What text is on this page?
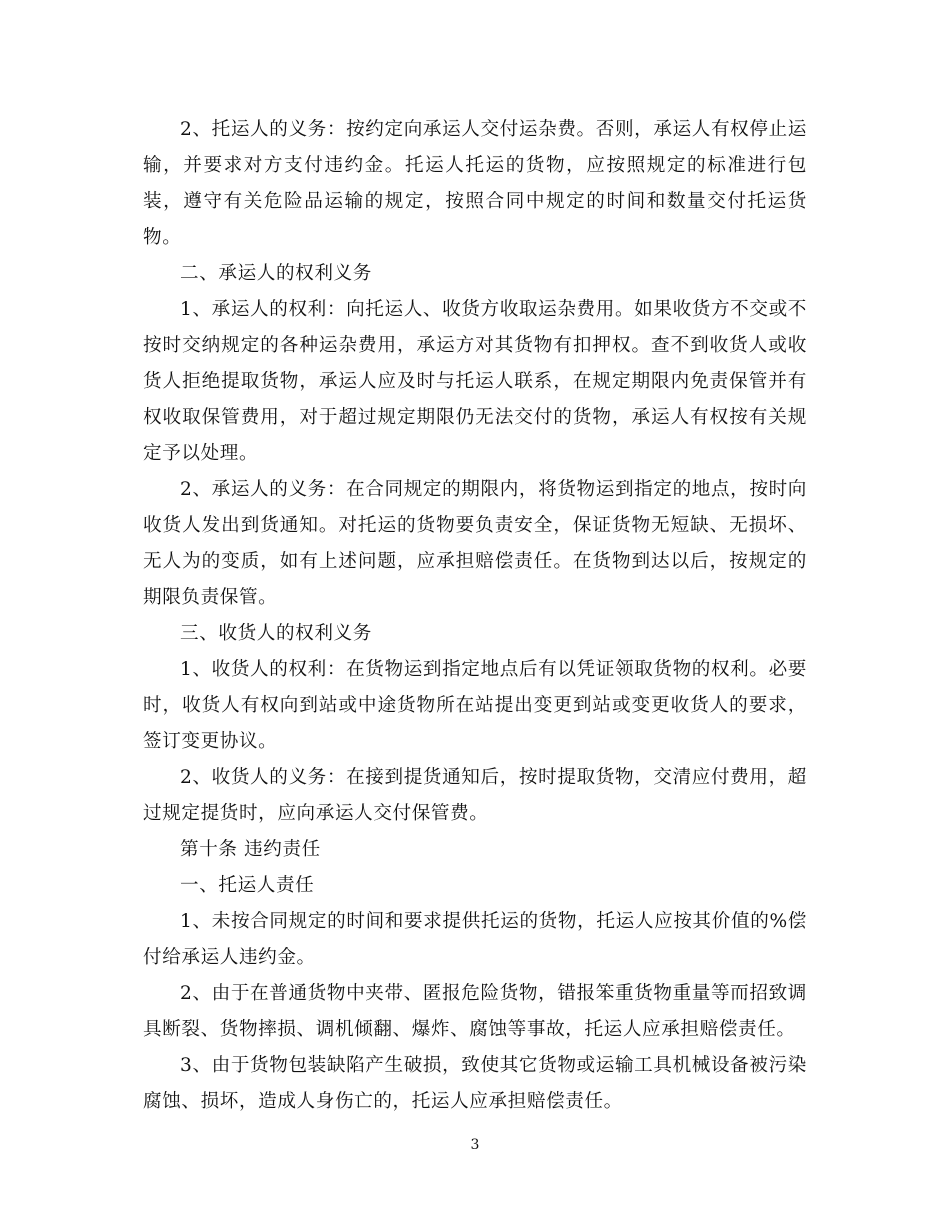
2、托运人的义务：按约定向承运人交付运杂费。否则，承运人有权停止运输，并要求对方支付违约金。托运人托运的货物，应按照规定的标准进行包装，遵守有关危险品运输的规定，按照合同中规定的时间和数量交付托运货物。

二、承运人的权利义务

1、承运人的权利：向托运人、收货方收取运杂费用。如果收货方不交或不按时交纳规定的各种运杂费用，承运方对其货物有扣押权。查不到收货人或收货人拒绝提取货物，承运人应及时与托运人联系，在规定期限内免责保管并有权收取保管费用，对于超过规定期限仍无法交付的货物，承运人有权按有关规定予以处理。

2、承运人的义务：在合同规定的期限内，将货物运到指定的地点，按时向收货人发出到货通知。对托运的货物要负责安全，保证货物无短缺、无损坏、无人为的变质，如有上述问题，应承担赔偿责任。在货物到达以后，按规定的期限负责保管。

三、收货人的权利义务

1、收货人的权利：在货物运到指定地点后有以凭证领取货物的权利。必要时，收货人有权向到站或中途货物所在站提出变更到站或变更收货人的要求，签订变更协议。

2、收货人的义务：在接到提货通知后，按时提取货物，交清应付费用，超过规定提货时，应向承运人交付保管费。

第十条 违约责任

一、托运人责任

1、未按合同规定的时间和要求提供托运的货物，托运人应按其价值的%偿付给承运人违约金。

2、由于在普通货物中夹带、匿报危险货物，错报笨重货物重量等而招致调具断裂、货物摔损、调机倾翻、爆炸、腐蚀等事故，托运人应承担赔偿责任。

3、由于货物包装缺陷产生破损，致使其它货物或运输工具机械设备被污染腐蚀、损坏，造成人身伤亡的，托运人应承担赔偿责任。

3
